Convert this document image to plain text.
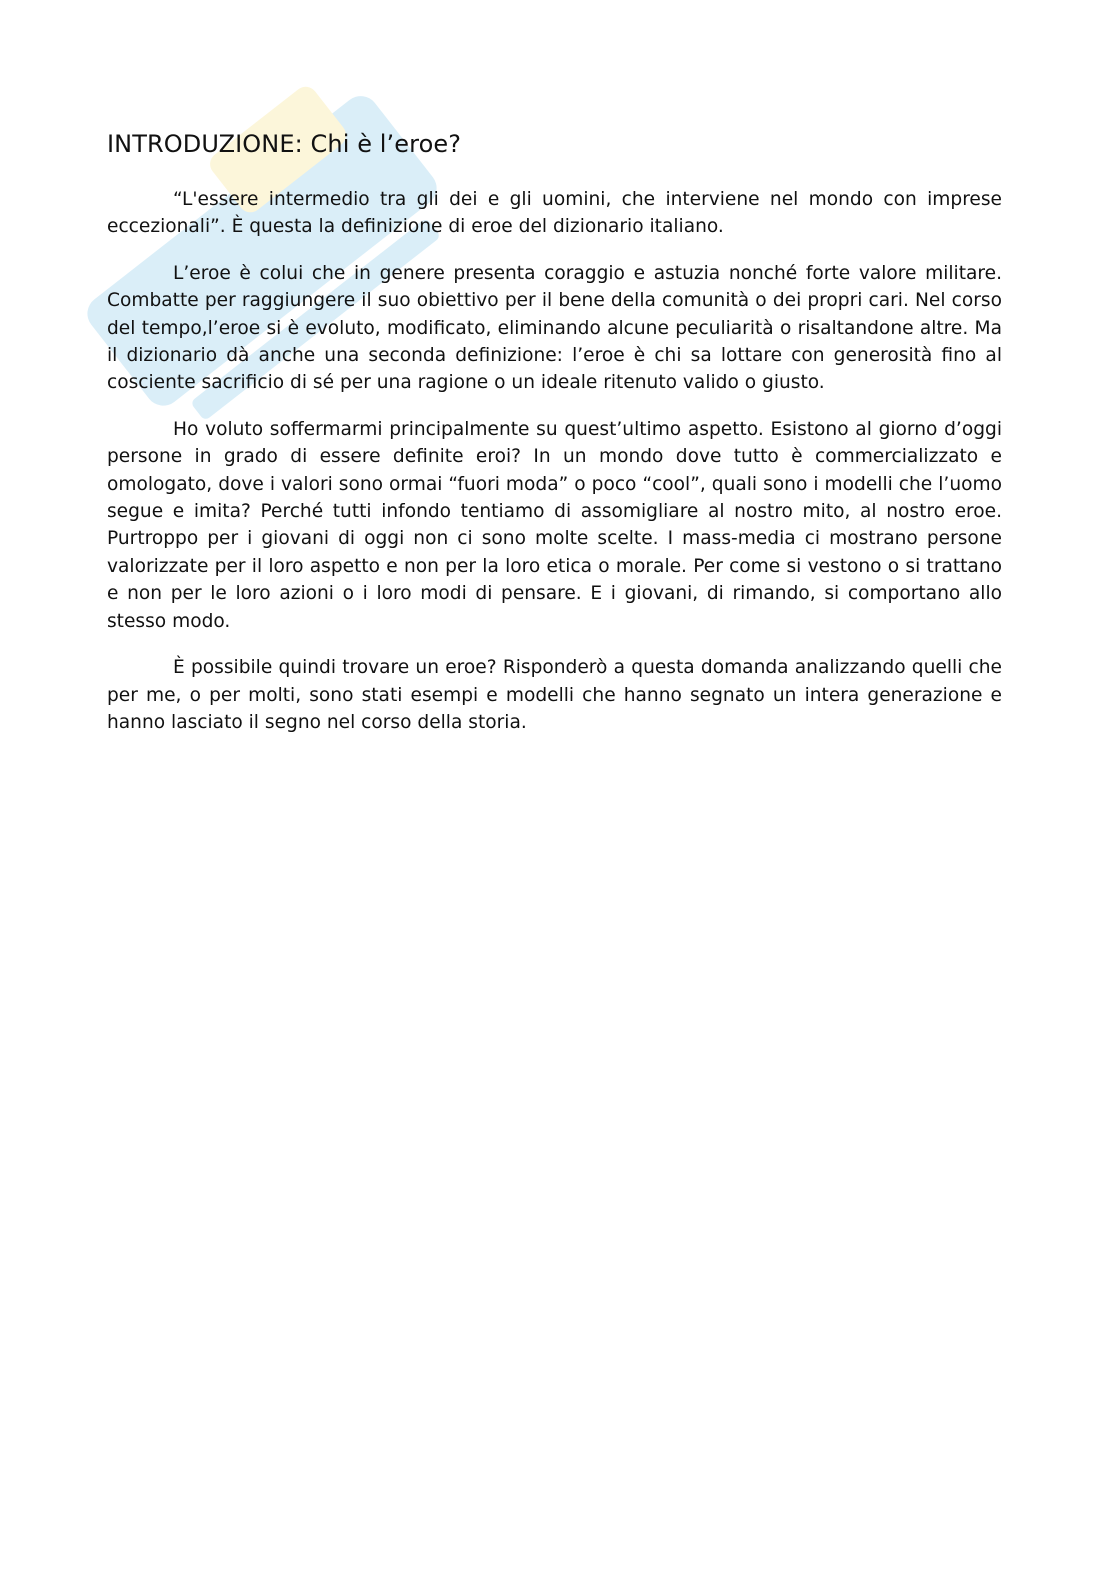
INTRODUZIONE: Chi è l’eroe?

“L'essere intermedio tra gli dei e gli uomini, che interviene nel mondo con imprese eccezionali”. È questa la definizione di eroe del dizionario italiano.

L’eroe è colui che in genere presenta coraggio e astuzia nonché forte valore militare. Combatte per raggiungere il suo obiettivo per il bene della comunità o dei propri cari. Nel corso del tempo,l’eroe si è evoluto, modificato, eliminando alcune peculiarità o risaltandone altre. Ma il dizionario dà anche una seconda definizione: l’eroe è chi sa lottare con generosità fino al cosciente sacrificio di sé per una ragione o un ideale ritenuto valido o giusto.

Ho voluto soffermarmi principalmente su quest’ultimo aspetto. Esistono al giorno d’oggi persone in grado di essere definite eroi? In un mondo dove tutto è commercializzato e omologato, dove i valori sono ormai “fuori moda” o poco “cool”, quali sono i modelli che l’uomo segue e imita? Perché tutti infondo tentiamo di assomigliare al nostro mito, al nostro eroe. Purtroppo per i giovani di oggi non ci sono molte scelte. I mass-media ci mostrano persone valorizzate per il loro aspetto e non per la loro etica o morale. Per come si vestono o si trattano e non per le loro azioni o i loro modi di pensare. E i giovani, di rimando, si comportano allo stesso modo.

È possibile quindi trovare un eroe? Risponderò a questa domanda analizzando quelli che per me, o per molti, sono stati esempi e modelli che hanno segnato un intera generazione e hanno lasciato il segno nel corso della storia.
